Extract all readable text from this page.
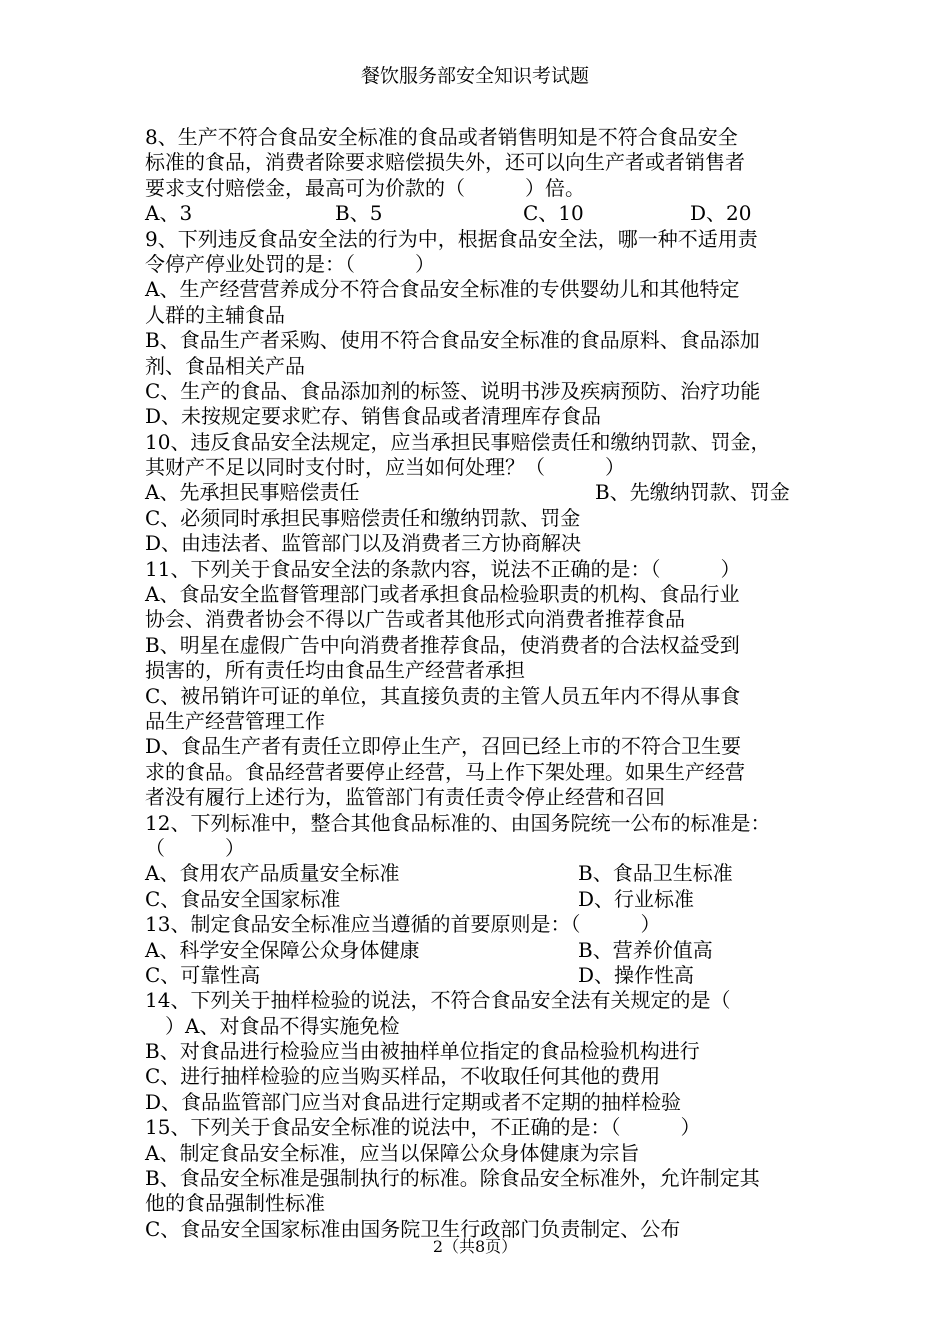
餐饮服务部安全知识考试题
8、生产不符合食品安全标准的食品或者销售明知是不符合食品安全
标准的食品，消费者除要求赔偿损失外，还可以向生产者或者销售者
要求支付赔偿金，最高可为价款的（　　　）倍。
A、3	B、5	C、10	D、20
9、下列违反食品安全法的行为中，根据食品安全法，哪一种不适用责
令停产停业处罚的是：（　　　）
A、生产经营营养成分不符合食品安全标准的专供婴幼儿和其他特定
人群的主辅食品
B、食品生产者采购、使用不符合食品安全标准的食品原料、食品添加
剂、食品相关产品
C、生产的食品、食品添加剂的标签、说明书涉及疾病预防、治疗功能
D、未按规定要求贮存、销售食品或者清理库存食品
10、违反食品安全法规定，应当承担民事赔偿责任和缴纳罚款、罚金，
其财产不足以同时支付时，应当如何处理？（　　　）
A、先承担民事赔偿责任	B、先缴纳罚款、罚金
C、必须同时承担民事赔偿责任和缴纳罚款、罚金
D、由违法者、监管部门以及消费者三方协商解决
11、下列关于食品安全法的条款内容，说法不正确的是：（　　　）
A、食品安全监督管理部门或者承担食品检验职责的机构、食品行业
协会、消费者协会不得以广告或者其他形式向消费者推荐食品
B、明星在虚假广告中向消费者推荐食品，使消费者的合法权益受到
损害的，所有责任均由食品生产经营者承担
C、被吊销许可证的单位，其直接负责的主管人员五年内不得从事食
品生产经营管理工作
D、食品生产者有责任立即停止生产，召回已经上市的不符合卫生要
求的食品。食品经营者要停止经营，马上作下架处理。如果生产经营
者没有履行上述行为，监管部门有责任责令停止经营和召回
12、下列标准中，整合其他食品标准的、由国务院统一公布的标准是：
（　　　）
A、食用农产品质量安全标准	B、食品卫生标准
C、食品安全国家标准	D、行业标准
13、制定食品安全标准应当遵循的首要原则是：（　　　）
A、科学安全保障公众身体健康	B、营养价值高
C、可靠性高	D、操作性高
14、下列关于抽样检验的说法，不符合食品安全法有关规定的是（
　）A、对食品不得实施免检
B、对食品进行检验应当由被抽样单位指定的食品检验机构进行
C、进行抽样检验的应当购买样品，不收取任何其他的费用
D、食品监管部门应当对食品进行定期或者不定期的抽样检验
15、下列关于食品安全标准的说法中，不正确的是：（　　　）
A、制定食品安全标准，应当以保障公众身体健康为宗旨
B、食品安全标准是强制执行的标准。除食品安全标准外，允许制定其
他的食品强制性标准
C、食品安全国家标准由国务院卫生行政部门负责制定、公布
2（共8页）
